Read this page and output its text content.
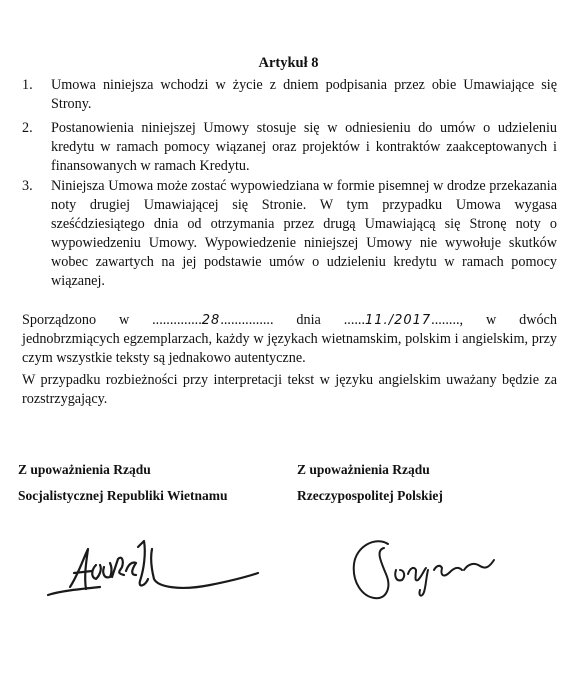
Artykuł 8
1. Umowa niniejsza wchodzi w życie z dniem podpisania przez obie Umawiające się Strony.
2. Postanowienia niniejszej Umowy stosuje się w odniesieniu do umów o udzieleniu kredytu w ramach pomocy wiązanej oraz projektów i kontraktów zaakceptowanych i finansowanych w ramach Kredytu.
3. Niniejsza Umowa może zostać wypowiedziana w formie pisemnej w drodze przekazania noty drugiej Umawiającej się Stronie. W tym przypadku Umowa wygasa sześćdziesiątego dnia od otrzymania przez drugą Umawiającą się Stronę noty o wypowiedzeniu Umowy. Wypowiedzenie niniejszej Umowy nie wywołuje skutków wobec zawartych na jej podstawie umów o udzieleniu kredytu w ramach pomocy wiązanej.
Sporządzono w ..............28............... dnia ......11./2017........, w dwóch
jednobrzmiących egzemplarzach, każdy w językach wietnamskim, polskim i angielskim, przy czym wszystkie teksty są jednakowo autentyczne.
W przypadku rozbieżności przy interpretacji tekst w języku angielskim uważany będzie za rozstrzygający.
Z upoważnienia Rządu
Socjalistycznej Republiki Wietnamu
Z upoważnienia Rządu
Rzeczypospolitej Polskiej
